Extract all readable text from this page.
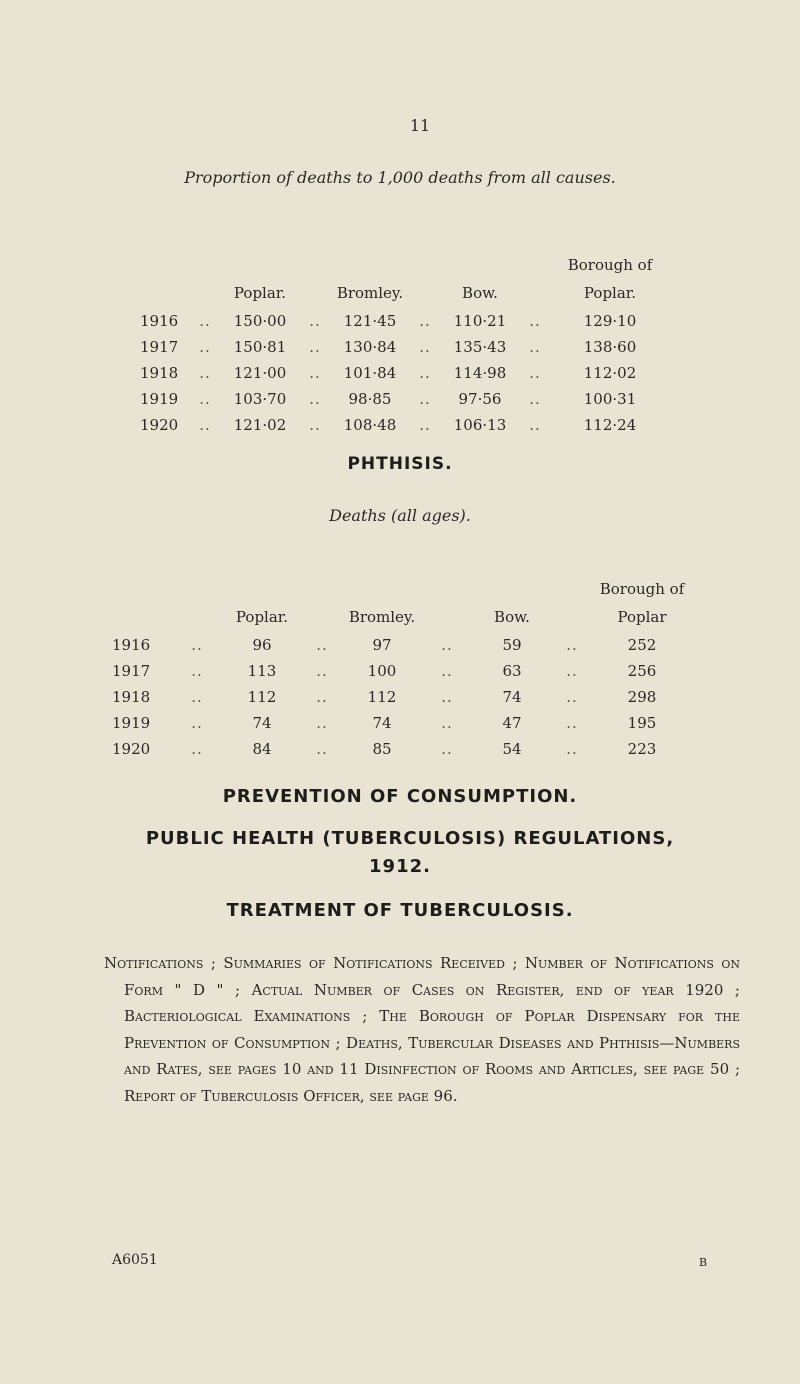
11
Proportion of deaths to 1,000 deaths from all causes.
								Borough of
		Poplar.		Bromley.		Bow.		Poplar.
1916	..	150·00	..	121·45	..	110·21	..	129·10
1917	..	150·81	..	130·84	..	135·43	..	138·60
1918	..	121·00	..	101·84	..	114·98	..	112·02
1919	..	103·70	..	98·85	..	97·56	..	100·31
1920	..	121·02	..	108·48	..	106·13	..	112·24
PHTHISIS.
Deaths (all ages).
								Borough of
		Poplar.		Bromley.		Bow.		Poplar
1916	..	96	..	97	..	59	..	252
1917	..	113	..	100	..	63	..	256
1918	..	112	..	112	..	74	..	298
1919	..	74	..	74	..	47	..	195
1920	..	84	..	85	..	54	..	223
PREVENTION OF CONSUMPTION.
PUBLIC HEALTH (TUBERCULOSIS) REGULATIONS,
1912.
TREATMENT OF TUBERCULOSIS.
Notifications ; Summaries of Notifications Received ; Number of Notifications on Form " D " ; Actual Number of Cases on Register, end of year 1920 ; Bacteriological Examinations ; The Borough of Poplar Dispensary for the Prevention of Consumption ; Deaths, Tubercular Diseases and Phthisis—Numbers and Rates, see pages 10 and 11 Disinfection of Rooms and Articles, see page 50 ; Report of Tuberculosis Officer, see page 96.
A6051	B
